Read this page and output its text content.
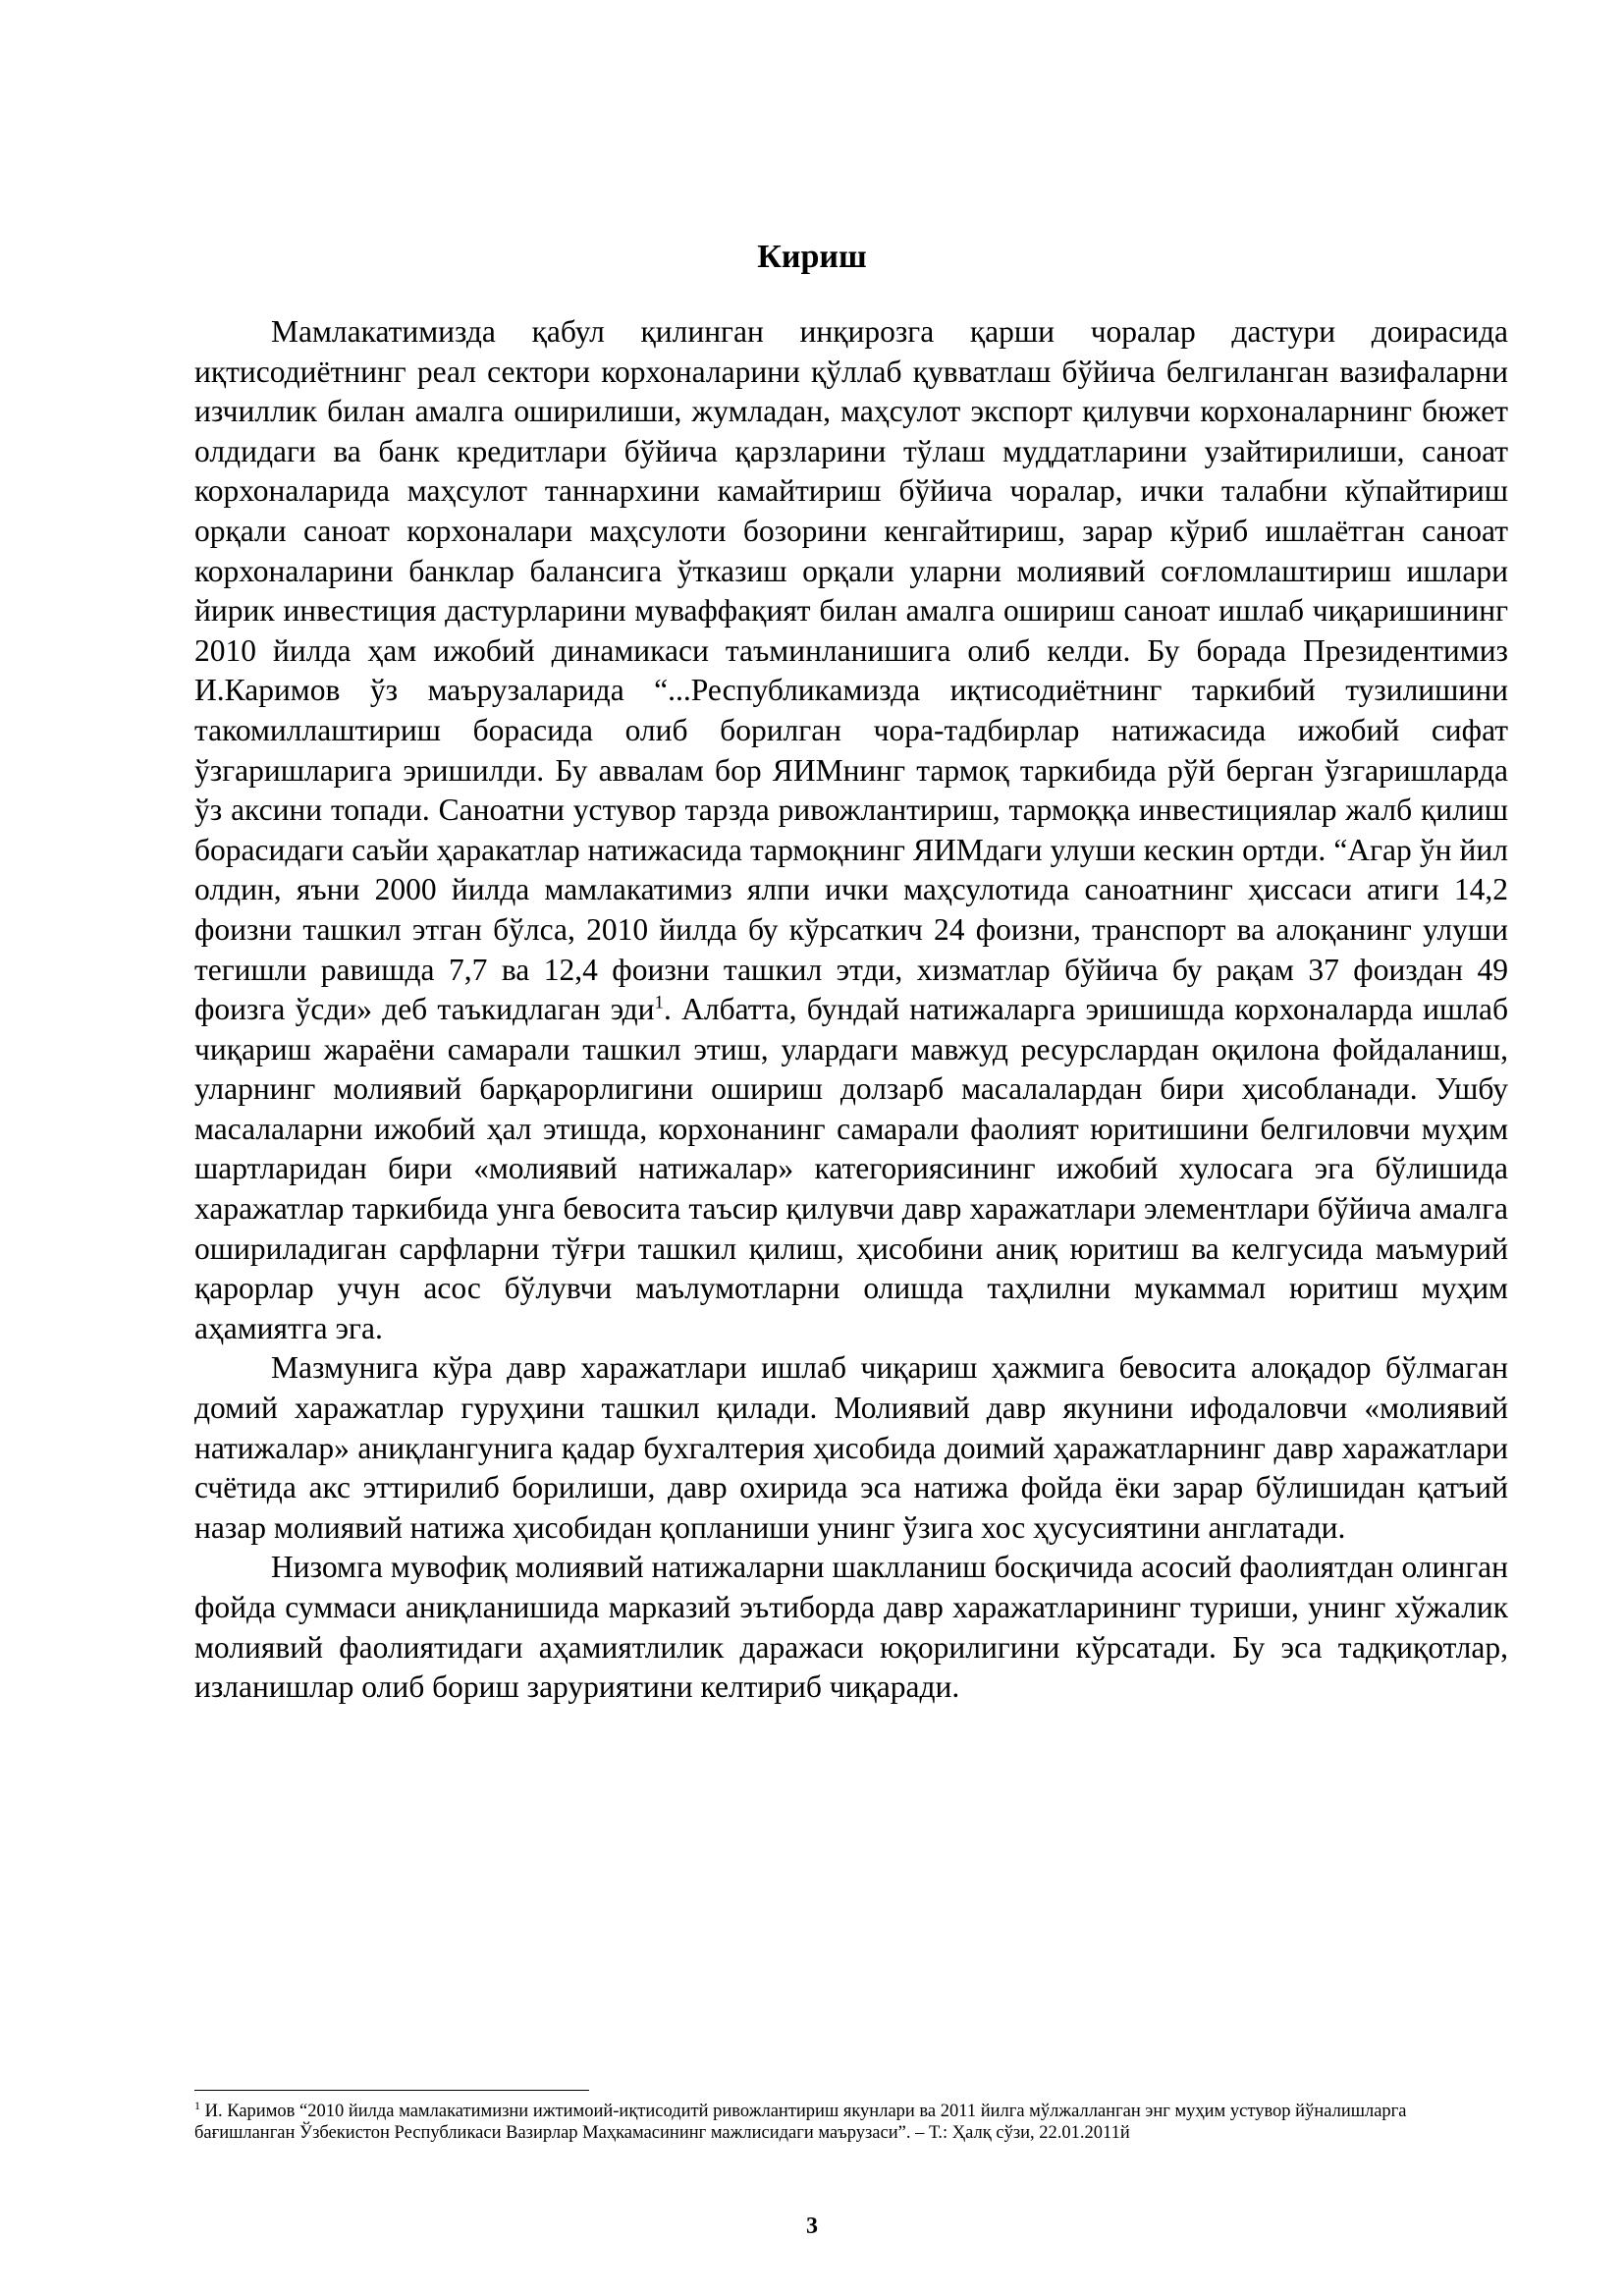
Кириш

Мамлакатимизда қабул қилинган инқирозга қарши чоралар дастури доирасида иқтисодиётнинг реал сектори корхоналарини қўллаб қувватлаш бўйича белгиланган вазифаларни изчиллик билан амалга оширилиши, жумладан, маҳсулот экспорт қилувчи корхоналарнинг бюжет олдидаги ва банк кредитлари бўйича қарзларини тўлаш муддатларини узайтирилиши, саноат корхоналарида маҳсулот таннархини камайтириш бўйича чоралар, ички талабни кўпайтириш орқали саноат корхоналари маҳсулоти бозорини кенгайтириш, зарар кўриб ишлаётган саноат корхоналарини банклар балансига ўтказиш орқали уларни молиявий соғломлаштириш ишлари йирик инвестиция дастурларини муваффақият билан амалга ошириш саноат ишлаб чиқаришининг 2010 йилда ҳам ижобий динамикаси таъминланишига олиб келди. Бу борада Президентимиз И.Каримов ўз маърузаларида “...Республикамизда иқтисодиётнинг таркибий тузилишини такомиллаштириш борасида олиб борилган чора-тадбирлар натижасида ижобий сифат ўзгаришларига эришилди. Бу аввалам бор ЯИМнинг тармоқ таркибида рўй берган ўзгаришларда ўз аксини топади. Саноатни устувор тарзда ривожлантириш, тармоққа инвестициялар жалб қилиш борасидаги саъйи ҳаракатлар натижасида тармоқнинг ЯИМдаги улуши кескин ортди. “Агар ўн йил олдин, яъни 2000 йилда мамлакатимиз ялпи ички маҳсулотида саноатнинг ҳиссаси атиги 14,2 фоизни ташкил этган бўлса, 2010 йилда бу кўрсаткич 24 фоизни, транспорт ва алоқанинг улуши тегишли равишда 7,7 ва 12,4 фоизни ташкил этди, хизматлар бўйича бу рақам 37 фоиздан 49 фоизга ўсди» деб таъкидлаган эди$^1$. Албатта, бундай натижаларга эришишда корхоналарда ишлаб чиқариш жараёни самарали ташкил этиш, улардаги мавжуд ресурслардан оқилона фойдаланиш, уларнинг молиявий барқарорлигини ошириш долзарб масалалардан бири ҳисобланади. Ушбу масалаларни ижобий ҳал этишда, корхонанинг самарали фаолият юритишини белгиловчи муҳим шартларидан бири «молиявий натижалар» категориясининг ижобий хулосага эга бўлишида харажатлар таркибида унга бевосита таъсир қилувчи давр харажатлари элементлари бўйича амалга ошириладиган сарфларни тўғри ташкил қилиш, ҳисобини аниқ юритиш ва келгусида маъмурий қарорлар учун асос бўлувчи маълумотларни олишда таҳлилни мукаммал юритиш муҳим аҳамиятга эга.

Мазмунига кўра давр харажатлари ишлаб чиқариш ҳажмига бевосита алоқадор бўлмаган домий харажатлар гуруҳини ташкил қилади. Молиявий давр якунини ифодаловчи «молиявий натижалар» аниқлангунига қадар бухгалтерия ҳисобида доимий ҳаражатларнинг давр харажатлари счётида акс эттирилиб борилиши, давр охирида эса натижа фойда ёки зарар бўлишидан қатъий назар молиявий натижа ҳисобидан қопланиши унинг ўзига хос ҳусусиятини англатади.

Низомга мувофиқ молиявий натижаларни шаклланиш босқичида асосий фаолиятдан олинган фойда суммаси аниқланишида марказий эътиборда давр харажатларининг туриши, унинг хўжалик молиявий фаолиятидаги аҳамиятлилик даражаси юқорилигини кўрсатади. Бу эса тадқиқотлар, изланишлар олиб бориш заруриятини келтириб чиқаради.

$^1$ И. Каримов “2010 йилда мамлакатимизни ижтимоий-иқтисодитй ривожлантириш якунлари ва 2011 йилга мўлжалланган энг муҳим устувор йўналишларга бағишланган Ўзбекистон Республикаси Вазирлар Маҳкамасининг мажлисидаги маърузаси”. – Т.: Ҳалқ сўзи, 22.01.2011й

3
